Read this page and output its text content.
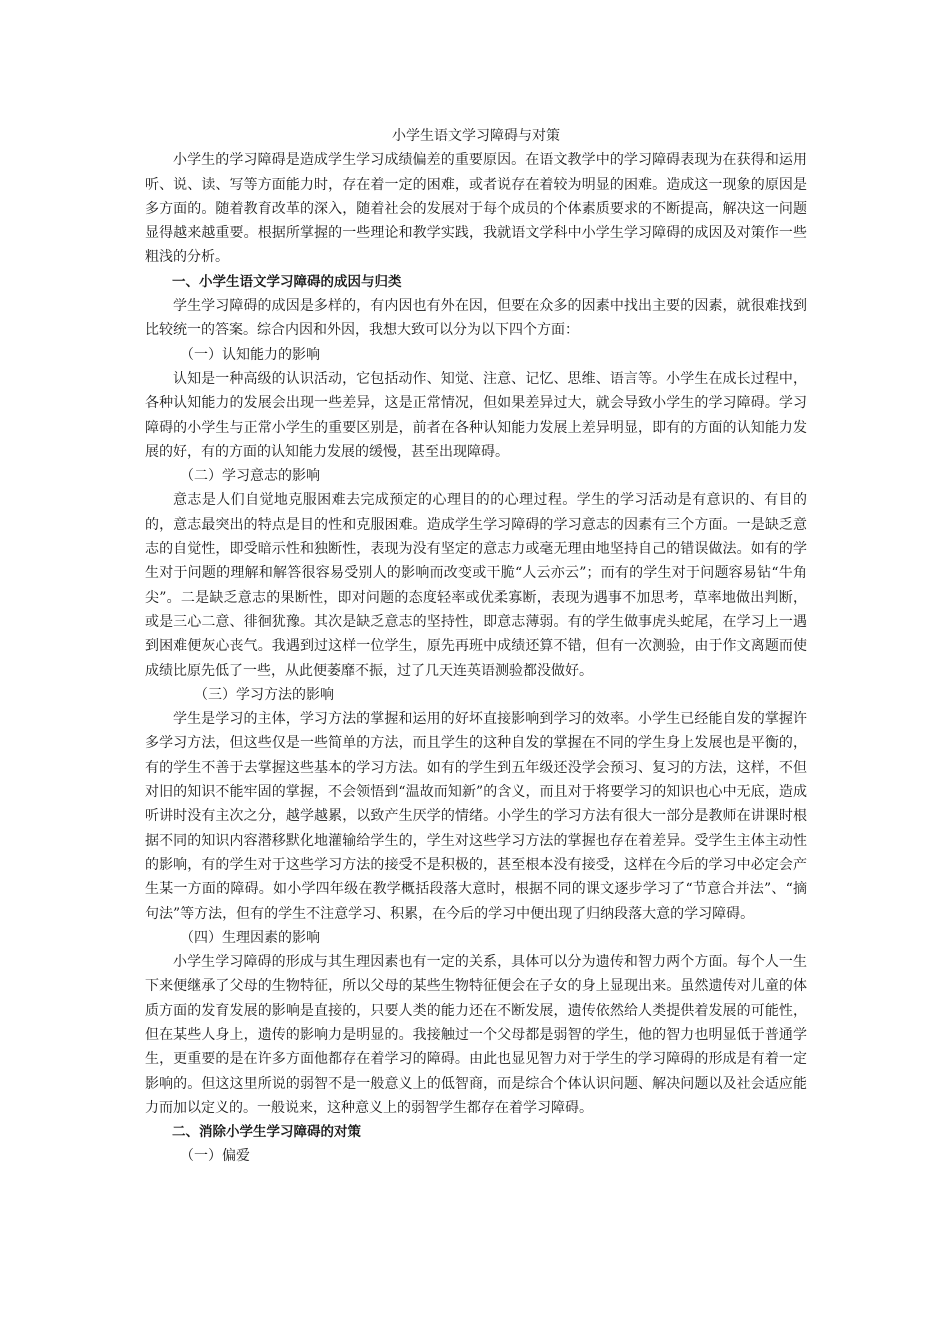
小学生语文学习障碍与对策

小学生的学习障碍是造成学生学习成绩偏差的重要原因。在语文教学中的学习障碍表现为在获得和运用听、说、读、写等方面能力时，存在着一定的困难，或者说存在着较为明显的困难。造成这一现象的原因是多方面的。随着教育改革的深入，随着社会的发展对于每个成员的个体素质要求的不断提高，解决这一问题显得越来越重要。根据所掌握的一些理论和教学实践，我就语文学科中小学生学习障碍的成因及对策作一些粗浅的分析。

一、小学生语文学习障碍的成因与归类

学生学习障碍的成因是多样的，有内因也有外在因，但要在众多的因素中找出主要的因素，就很难找到比较统一的答案。综合内因和外因，我想大致可以分为以下四个方面：

（一）认知能力的影响

认知是一种高级的认识活动，它包括动作、知觉、注意、记忆、思维、语言等。小学生在成长过程中，各种认知能力的发展会出现一些差异，这是正常情况，但如果差异过大，就会导致小学生的学习障碍。学习障碍的小学生与正常小学生的重要区别是，前者在各种认知能力发展上差异明显，即有的方面的认知能力发展的好，有的方面的认知能力发展的缓慢，甚至出现障碍。

（二）学习意志的影响

意志是人们自觉地克服困难去完成预定的心理目的的心理过程。学生的学习活动是有意识的、有目的的，意志最突出的特点是目的性和克服困难。造成学生学习障碍的学习意志的因素有三个方面。一是缺乏意志的自觉性，即受暗示性和独断性，表现为没有坚定的意志力或毫无理由地坚持自己的错误做法。如有的学生对于问题的理解和解答很容易受别人的影响而改变或干脆“人云亦云”；而有的学生对于问题容易钻“牛角尖”。二是缺乏意志的果断性，即对问题的态度轻率或优柔寡断，表现为遇事不加思考，草率地做出判断，或是三心二意、徘徊犹豫。其次是缺乏意志的坚持性，即意志薄弱。有的学生做事虎头蛇尾，在学习上一遇到困难便灰心丧气。我遇到过这样一位学生，原先再班中成绩还算不错，但有一次测验，由于作文离题而使成绩比原先低了一些，从此便萎靡不振，过了几天连英语测验都没做好。

（三）学习方法的影响

学生是学习的主体，学习方法的掌握和运用的好坏直接影响到学习的效率。小学生已经能自发的掌握许多学习方法，但这些仅是一些简单的方法，而且学生的这种自发的掌握在不同的学生身上发展也是平衡的，有的学生不善于去掌握这些基本的学习方法。如有的学生到五年级还没学会预习、复习的方法，这样，不但对旧的知识不能牢固的掌握，不会领悟到“温故而知新”的含义，而且对于将要学习的知识也心中无底，造成听讲时没有主次之分，越学越累，以致产生厌学的情绪。小学生的学习方法有很大一部分是教师在讲课时根据不同的知识内容潜移默化地灌输给学生的，学生对这些学习方法的掌握也存在着差异。受学生主体主动性的影响，有的学生对于这些学习方法的接受不是积极的，甚至根本没有接受，这样在今后的学习中必定会产生某一方面的障碍。如小学四年级在教学概括段落大意时，根据不同的课文逐步学习了“节意合并法”、“摘句法”等方法，但有的学生不注意学习、积累，在今后的学习中便出现了归纳段落大意的学习障碍。

（四）生理因素的影响

小学生学习障碍的形成与其生理因素也有一定的关系，具体可以分为遗传和智力两个方面。每个人一生下来便继承了父母的生物特征，所以父母的某些生物特征便会在子女的身上显现出来。虽然遗传对儿童的体质方面的发育发展的影响是直接的，只要人类的能力还在不断发展，遗传依然给人类提供着发展的可能性，但在某些人身上，遗传的影响力是明显的。我接触过一个父母都是弱智的学生，他的智力也明显低于普通学生，更重要的是在许多方面他都存在着学习的障碍。由此也显见智力对于学生的学习障碍的形成是有着一定影响的。但这这里所说的弱智不是一般意义上的低智商，而是综合个体认识问题、解决问题以及社会适应能力而加以定义的。一般说来，这种意义上的弱智学生都存在着学习障碍。

二、消除小学生学习障碍的对策

（一）偏爱
